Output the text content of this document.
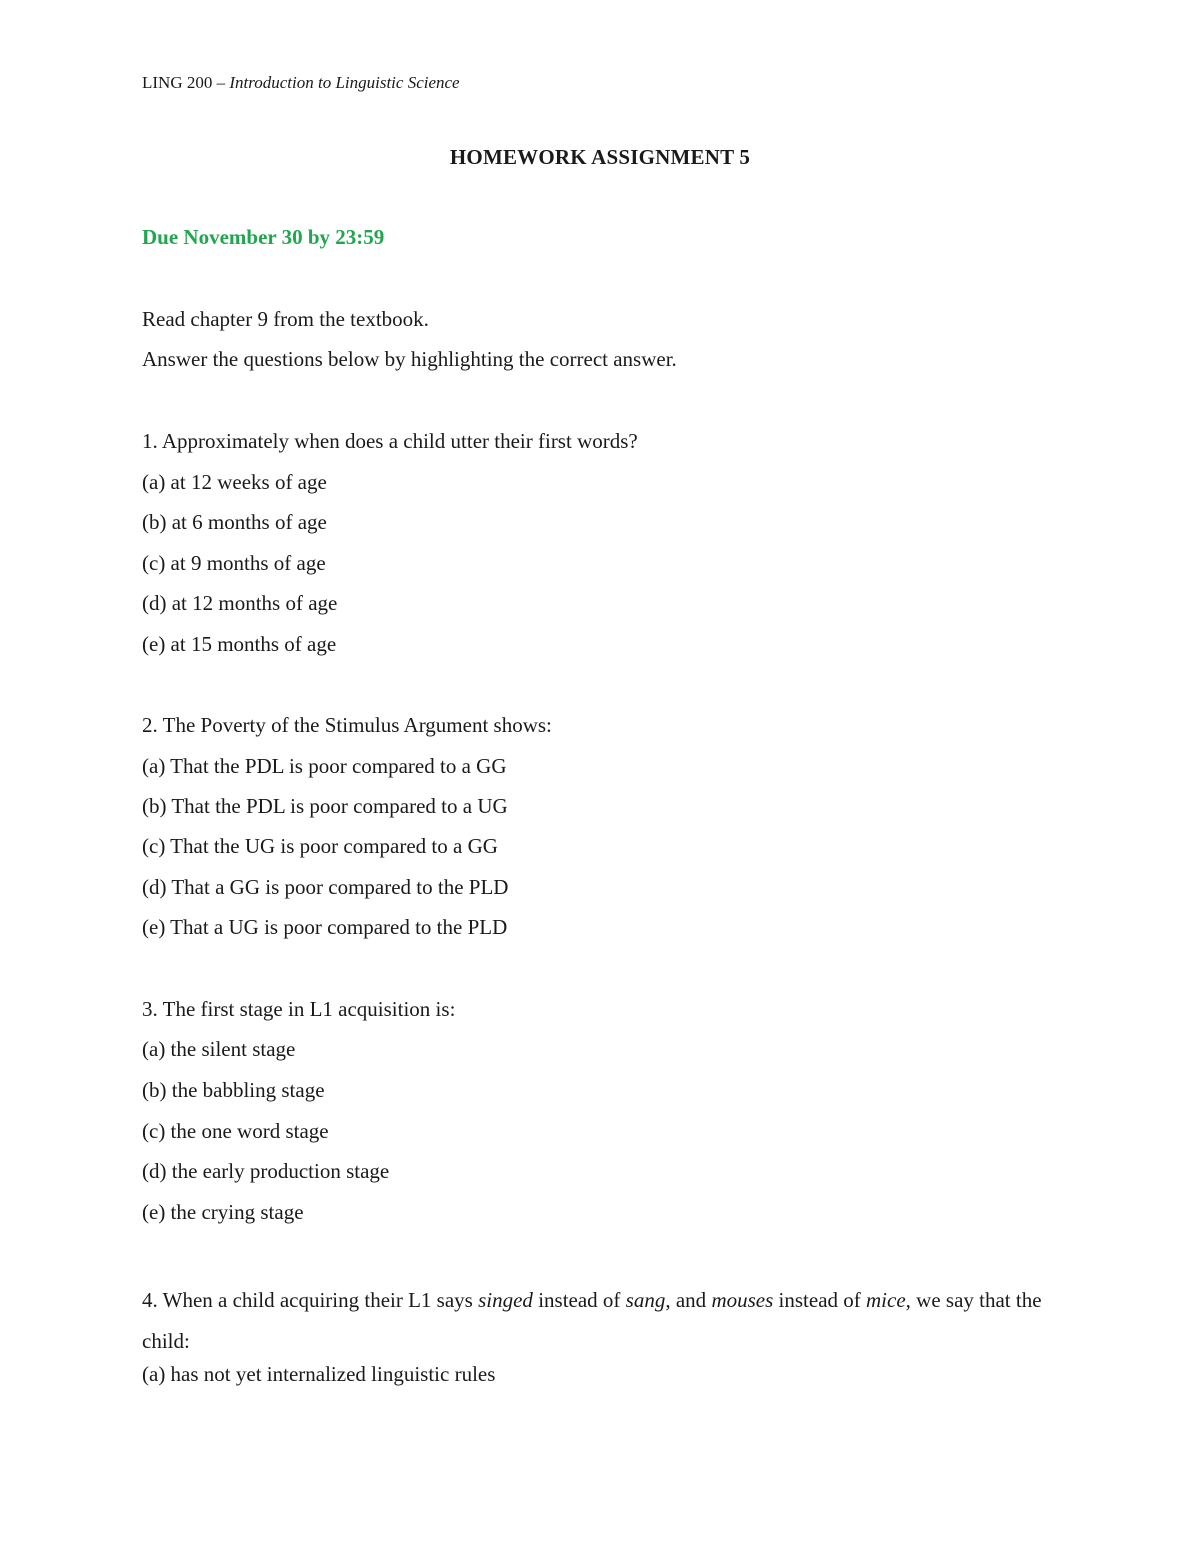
LING 200 – Introduction to Linguistic Science
HOMEWORK ASSIGNMENT 5
Due November 30 by 23:59
Read chapter 9 from the textbook.
Answer the questions below by highlighting the correct answer.
1. Approximately when does a child utter their first words?
(a) at 12 weeks of age
(b) at 6 months of age
(c) at 9 months of age
(d) at 12 months of age
(e) at 15 months of age
2. The Poverty of the Stimulus Argument shows:
(a) That the PDL is poor compared to a GG
(b) That the PDL is poor compared to a UG
(c) That the UG is poor compared to a GG
(d) That a GG is poor compared to the PLD
(e) That a UG is poor compared to the PLD
3. The first stage in L1 acquisition is:
(a) the silent stage
(b) the babbling stage
(c) the one word stage
(d) the early production stage
(e) the crying stage
4. When a child acquiring their L1 says singed instead of sang, and mouses instead of mice, we say that the child:
(a) has not yet internalized linguistic rules
